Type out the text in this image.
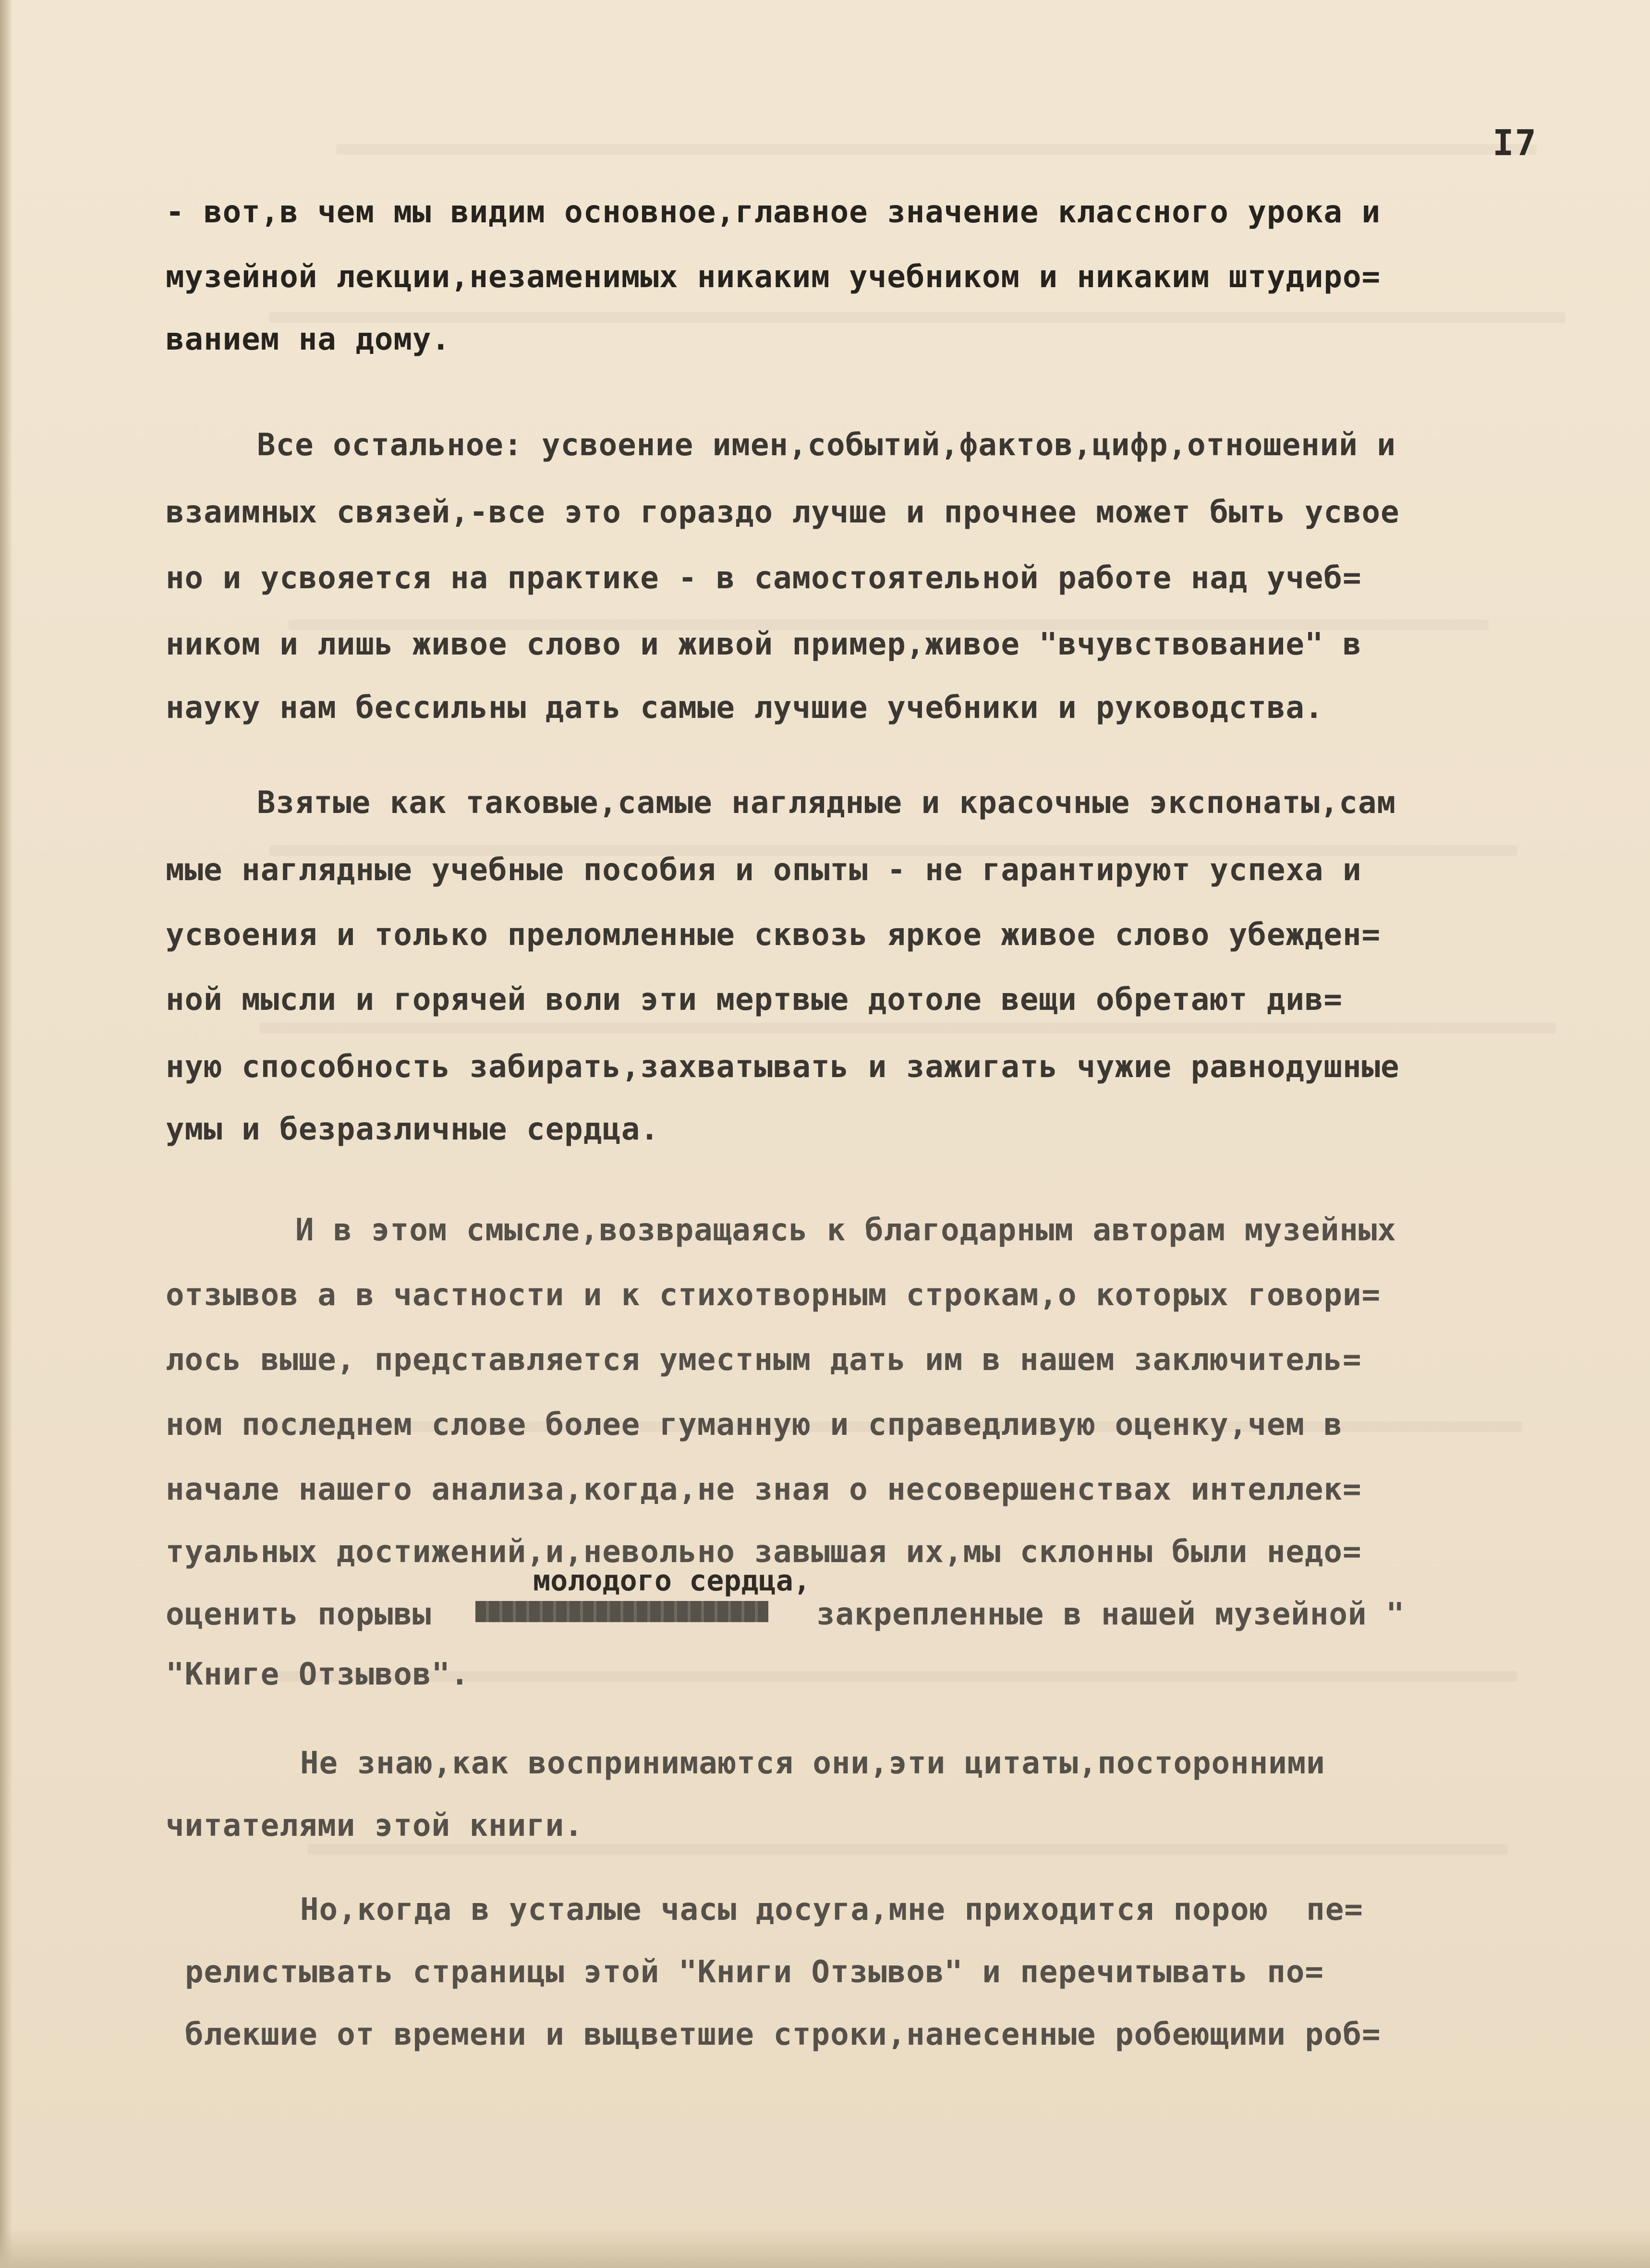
I7
- вот,в чем мы видим основное,главное значение классного урока и
музейной лекции,незаменимых никаким учебником и никаким штудиро=
ванием на дому.
Все остальное: усвоение имен,событий,фактов,цифр,отношений и
взаимных связей,-все это гораздо лучше и прочнее может быть усвое
но и усвояется на практике - в самостоятельной работе над учеб=
ником и лишь живое слово и живой пример,живое "вчувствование" в
науку нам бессильны дать самые лучшие учебники и руководства.
Взятые как таковые,самые наглядные и красочные экспонаты,сам
мые наглядные учебные пособия и опыты - не гарантируют успеха и
усвоения и только преломленные сквозь яркое живое слово убежден=
ной мысли и горячей воли эти мертвые дотоле вещи обретают див=
ную способность забирать,захватывать и зажигать чужие равнодушные
умы и безразличные сердца.
И в этом смысле,возвращаясь к благодарным авторам музейных
отзывов а в частности и к стихотворным строкам,о которых говори=
лось выше, представляется уместным дать им в нашем заключитель=
ном последнем слове более гуманную и справедливую оценку,чем в
начале нашего анализа,когда,не зная о несовершенствах интеллек=
туальных достижений,и,невольно завышая их,мы склонны были недо=
молодого сердца,
оценить порывы	закрепленные в нашей музейной "
"Книге Отзывов".
Не знаю,как воспринимаются они,эти цитаты,посторонними
читателями этой книги.
Но,когда в усталые часы досуга,мне приходится порою  пе=
релистывать страницы этой "Книги Отзывов" и перечитывать по=
блекшие от времени и выцветшие строки,нанесенные робеющими роб=
